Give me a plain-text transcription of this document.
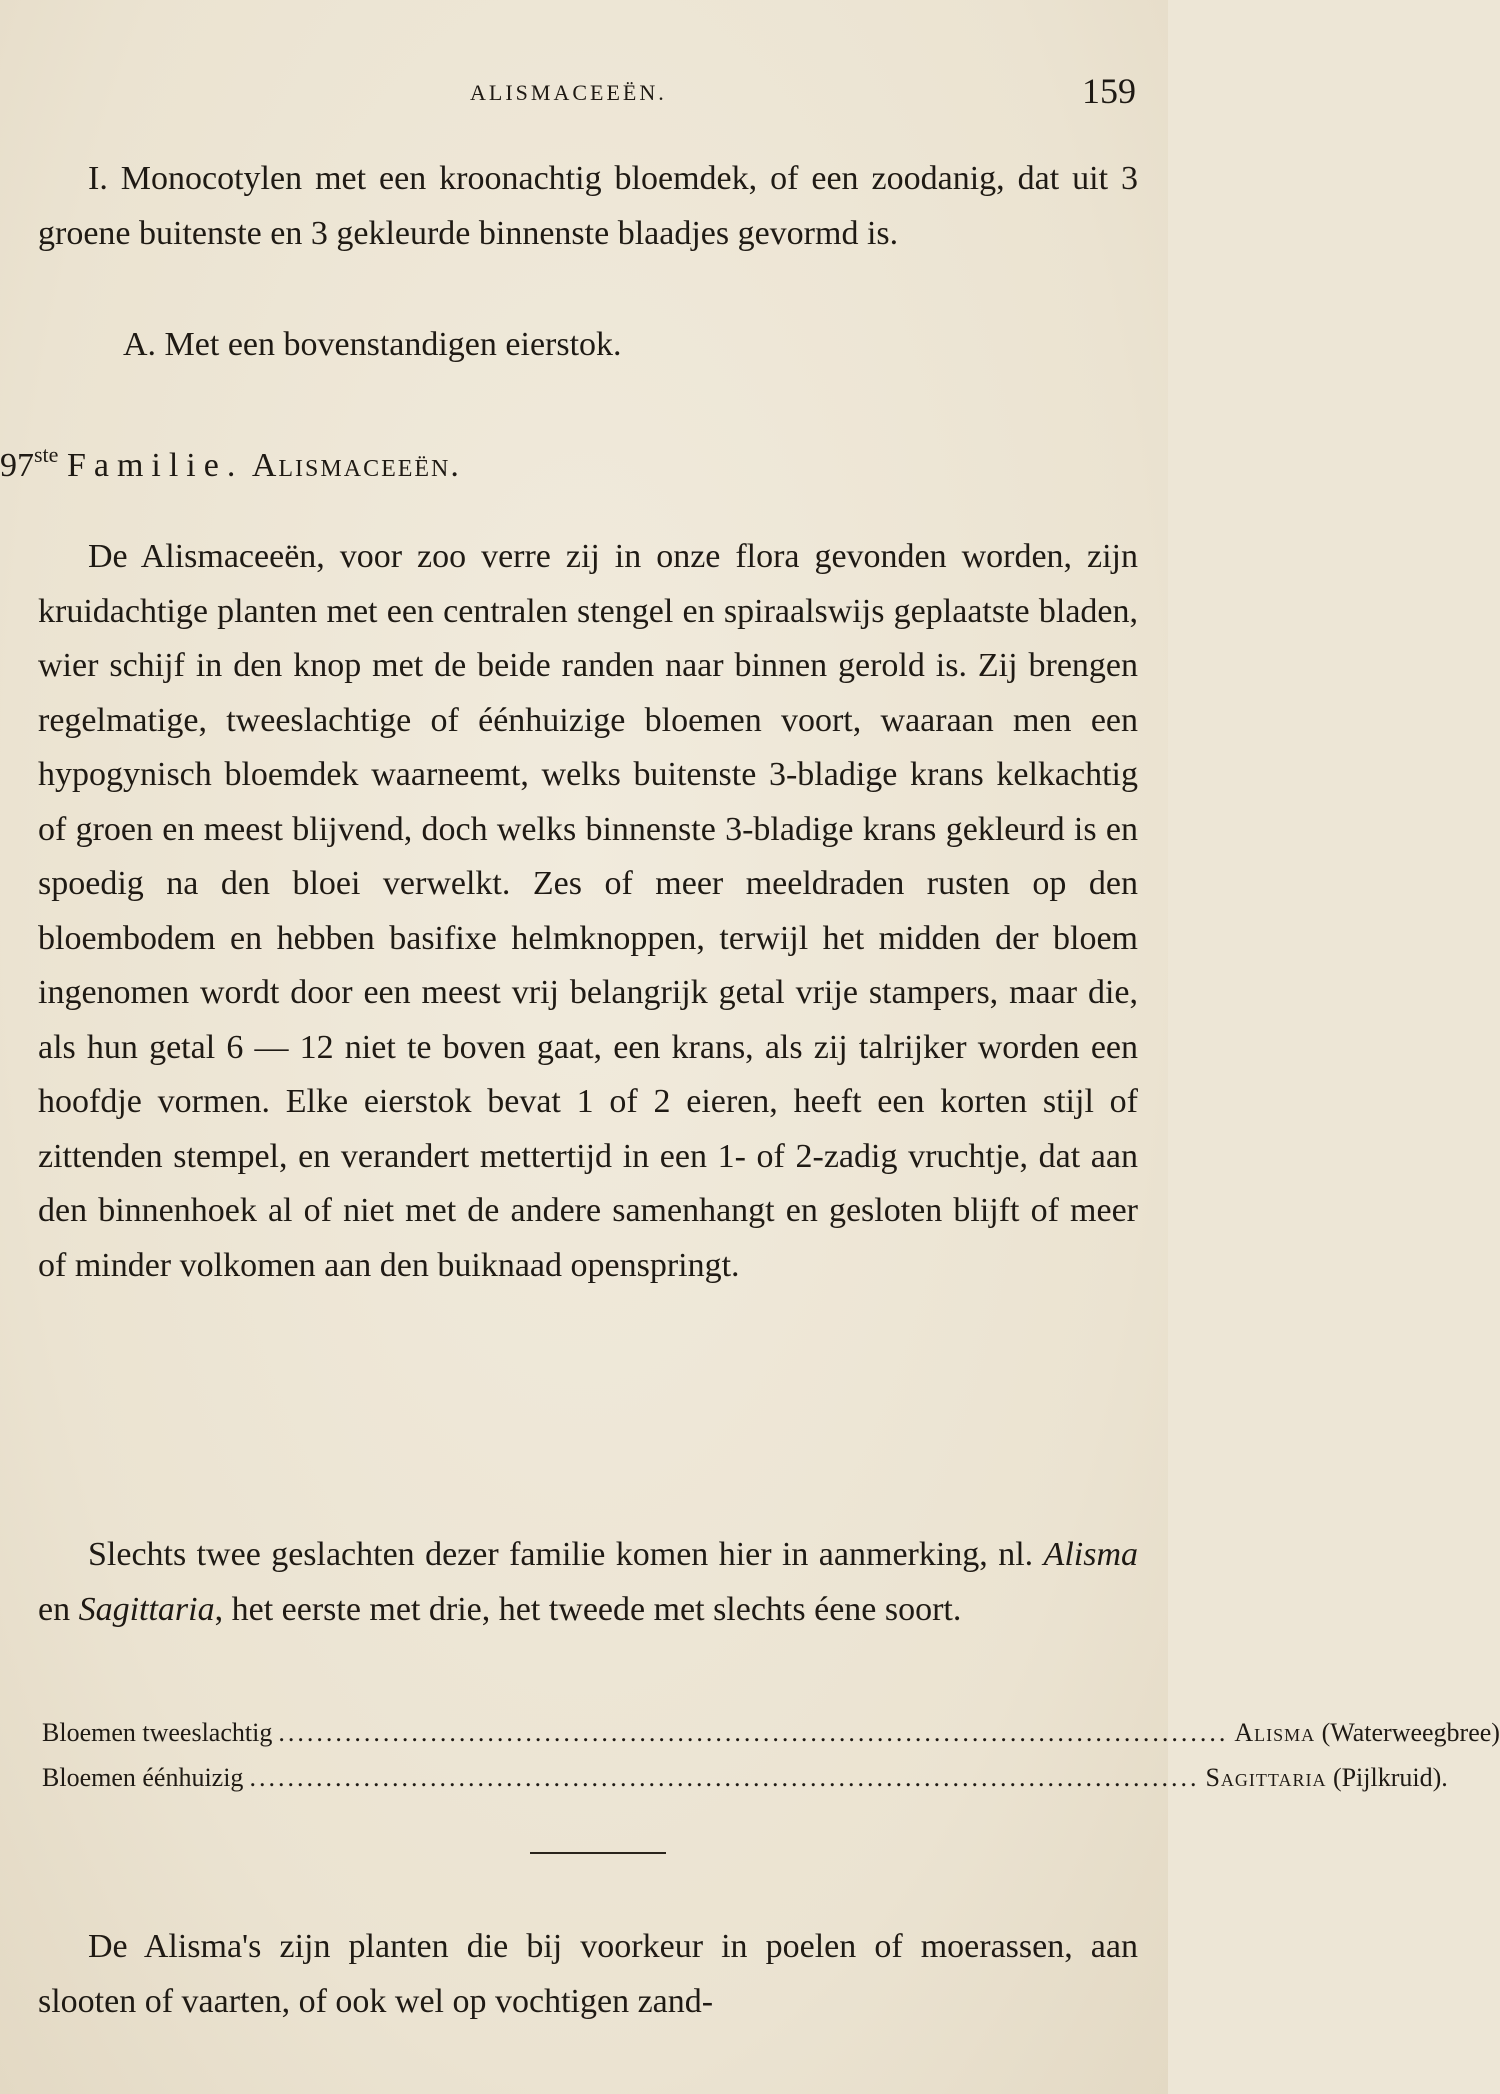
ALISMACEEËN.	159

I. Monocotylen met een kroonachtig bloemdek, of een zoodanig, dat uit 3 groene buitenste en 3 gekleurde binnenste blaadjes gevormd is.

A. Met een bovenstandigen eierstok.

97ste Familie. Alismaceeën.

De Alismaceeën, voor zoo verre zij in onze flora gevonden worden, zijn kruidachtige planten met een centralen stengel en spiraalswijs geplaatste bladen, wier schijf in den knop met de beide randen naar binnen gerold is. Zij brengen regelmatige, tweeslachtige of éénhuizige bloemen voort, waaraan men een hypogynisch bloemdek waarneemt, welks buitenste 3-bladige krans kelkachtig of groen en meest blijvend, doch welks binnenste 3-bladige krans gekleurd is en spoedig na den bloei verwelkt. Zes of meer meeldraden rusten op den bloembodem en hebben basifixe helmknoppen, terwijl het midden der bloem ingenomen wordt door een meest vrij belangrijk getal vrije stampers, maar die, als hun getal 6 — 12 niet te boven gaat, een krans, als zij talrijker worden een hoofdje vormen. Elke eierstok bevat 1 of 2 eieren, heeft een korten stijl of zittenden stempel, en verandert mettertijd in een 1- of 2-zadig vruchtje, dat aan den binnenhoek al of niet met de andere samenhangt en gesloten blijft of meer of minder volkomen aan den buiknaad openspringt.

Slechts twee geslachten dezer familie komen hier in aanmerking, nl. Alisma en Sagittaria, het eerste met drie, het tweede met slechts éene soort.

Bloemen tweeslachtig .................................................................................................... Alisma (Waterweegbree)
Bloemen éénhuizig .................................................................................................... Sagittaria (Pijlkruid).

De Alisma's zijn planten die bij voorkeur in poelen of moerassen, aan slooten of vaarten, of ook wel op vochtigen zand-
